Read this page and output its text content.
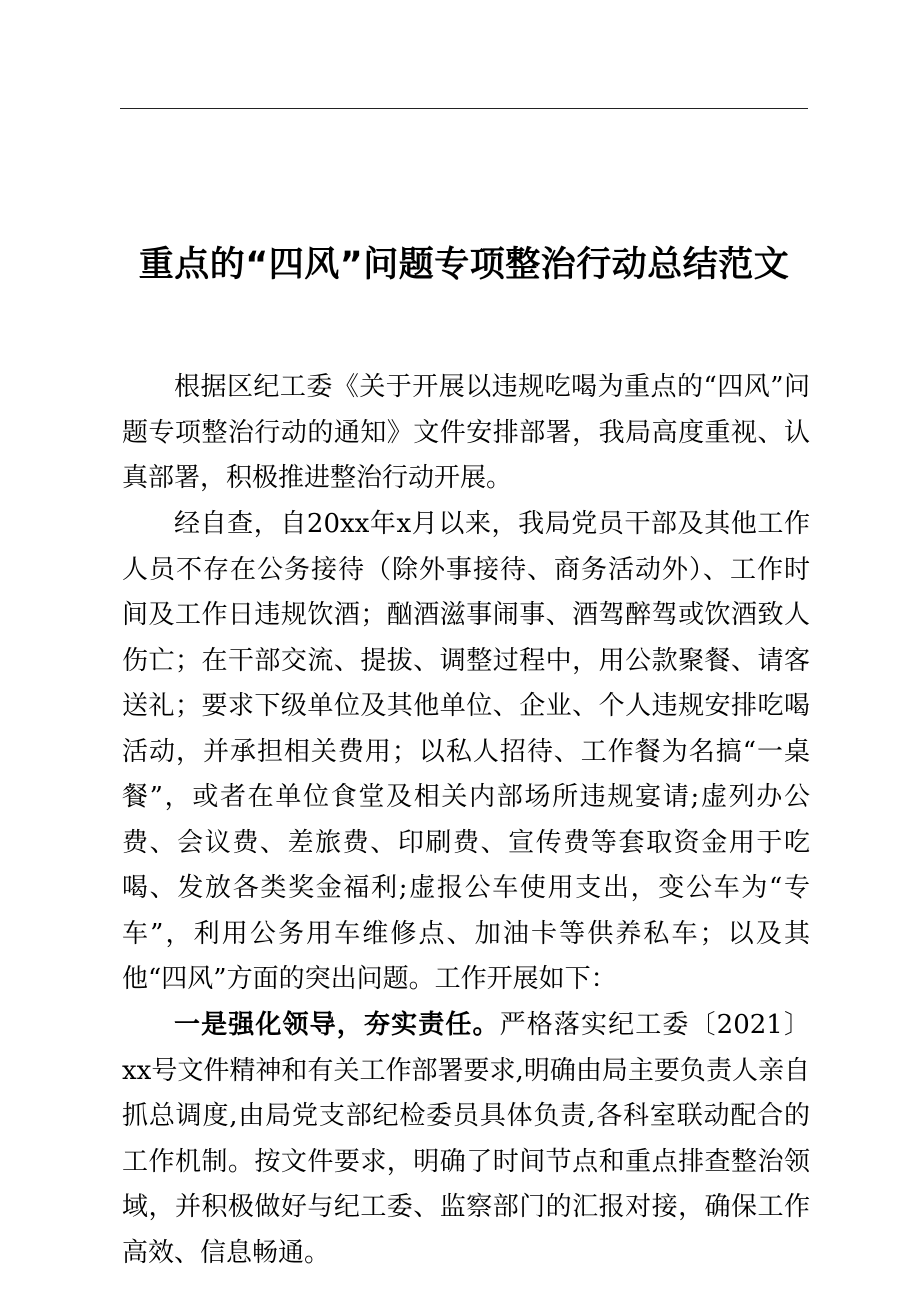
重点的“四风”问题专项整治行动总结范文

根据区纪工委《关于开展以违规吃喝为重点的“四风”问题专项整治行动的通知》文件安排部署，我局高度重视、认真部署，积极推进整治行动开展。

经自查，自20xx年x月以来，我局党员干部及其他工作人员不存在公务接待（除外事接待、商务活动外）、工作时间及工作日违规饮酒；酗酒滋事闹事、酒驾醉驾或饮酒致人伤亡；在干部交流、提拔、调整过程中，用公款聚餐、请客送礼；要求下级单位及其他单位、企业、个人违规安排吃喝活动，并承担相关费用；以私人招待、工作餐为名搞“一桌餐”，或者在单位食堂及相关内部场所违规宴请;虚列办公费、会议费、差旅费、印刷费、宣传费等套取资金用于吃喝、发放各类奖金福利;虚报公车使用支出，变公车为“专车”，利用公务用车维修点、加油卡等供养私车；以及其他“四风”方面的突出问题。工作开展如下：

一是强化领导，夯实责任。严格落实纪工委〔2021〕xx号文件精神和有关工作部署要求,明确由局主要负责人亲自抓总调度,由局党支部纪检委员具体负责,各科室联动配合的工作机制。按文件要求，明确了时间节点和重点排查整治领域，并积极做好与纪工委、监察部门的汇报对接，确保工作高效、信息畅通。
